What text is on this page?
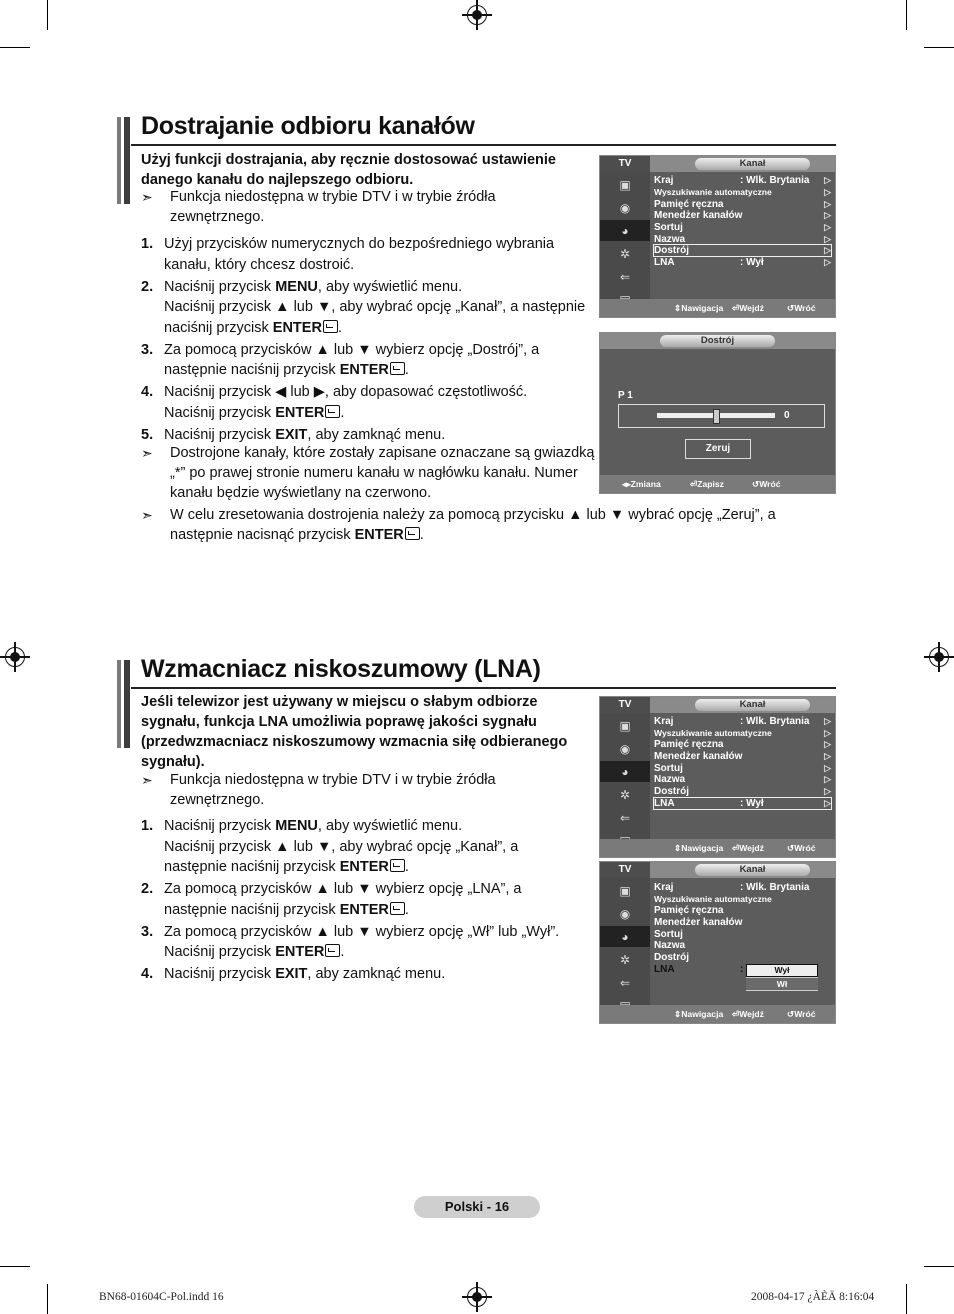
Dostrajanie odbioru kanałów
Użyj funkcji dostrajania, aby ręcznie dostosować ustawienie danego kanału do najlepszego odbioru.
➣ Funkcja niedostępna w trybie DTV i w trybie źródła zewnętrznego.
1. Użyj przycisków numerycznych do bezpośredniego wybrania kanału, który chcesz dostroić.
2. Naciśnij przycisk MENU, aby wyświetlić menu.
Naciśnij przycisk ▲ lub ▼, aby wybrać opcję „Kanał”, a następnie naciśnij przycisk ENTER .
3. Za pomocą przycisków ▲ lub ▼ wybierz opcję „Dostrój”, a następnie naciśnij przycisk ENTER .
4. Naciśnij przycisk ◀ lub ▶, aby dopasować częstotliwość.
Naciśnij przycisk ENTER .
5. Naciśnij przycisk EXIT, aby zamknąć menu.
➣ Dostrojone kanały, które zostały zapisane oznaczane są gwiazdką „*” po prawej stronie numeru kanału w nagłówku kanału. Numer kanału będzie wyświetlany na czerwono.
➣ W celu zresetowania dostrojenia należy za pomocą przycisku ▲ lub ▼ wybrać opcję „Zeruj”, a następnie nacisnąć przycisk ENTER .
TV	Kanał
▣
◉
◕
✲
⇐
Kraj	: Wlk. Brytania ▷
Wyszukiwanie automatyczne	▷
Pamięć ręczna	▷
Menedżer kanałów	▷
Sortuj	▷
Nazwa	▷
Dostrój	▷
LNA	: Wył	▷
⇕ Nawigacja ⏎ Wejdź	↺ Wróć
Dostrój
P 1
0
Zeruj
◂▸ Zmiana	⏎ Zapisz	↺ Wróć
Wzmacniacz niskoszumowy (LNA)
Jeśli telewizor jest używany w miejscu o słabym odbiorze sygnału, funkcja LNA umożliwia poprawę jakości sygnału (przedwzmacniacz niskoszumowy wzmacnia siłę odbieranego sygnału).
➣ Funkcja niedostępna w trybie DTV i w trybie źródła zewnętrznego.
1. Naciśnij przycisk MENU, aby wyświetlić menu.
Naciśnij przycisk ▲ lub ▼, aby wybrać opcję „Kanał”, a następnie naciśnij przycisk ENTER .
2. Za pomocą przycisków ▲ lub ▼ wybierz opcję „LNA”, a następnie naciśnij przycisk ENTER .
3. Za pomocą przycisków ▲ lub ▼ wybierz opcję „Wł” lub „Wył”. Naciśnij przycisk ENTER .
4. Naciśnij przycisk EXIT, aby zamknąć menu.
TV	Kanał
▣
◉
◕
✲
⇐
Kraj	: Wlk. Brytania ▷
Wyszukiwanie automatyczne	▷
Pamięć ręczna	▷
Menedżer kanałów	▷
Sortuj	▷
Nazwa	▷
Dostrój	▷
LNA	: Wył	▷
⇕ Nawigacja ⏎ Wejdź	↺ Wróć
TV	Kanał
▣
◉
◕
✲
⇐
Kraj	: Wlk. Brytania
Wyszukiwanie automatyczne
Pamięć ręczna
Menedżer kanałów
Sortuj
Nazwa
Dostrój
LNA	:	Wył
Wł
⇕ Nawigacja ⏎ Wejdź	↺ Wróć
Polski - 16
BN68-01604C-Pol.indd 16	2008-04-17 ¿ÀÈÄ 8:16:04
